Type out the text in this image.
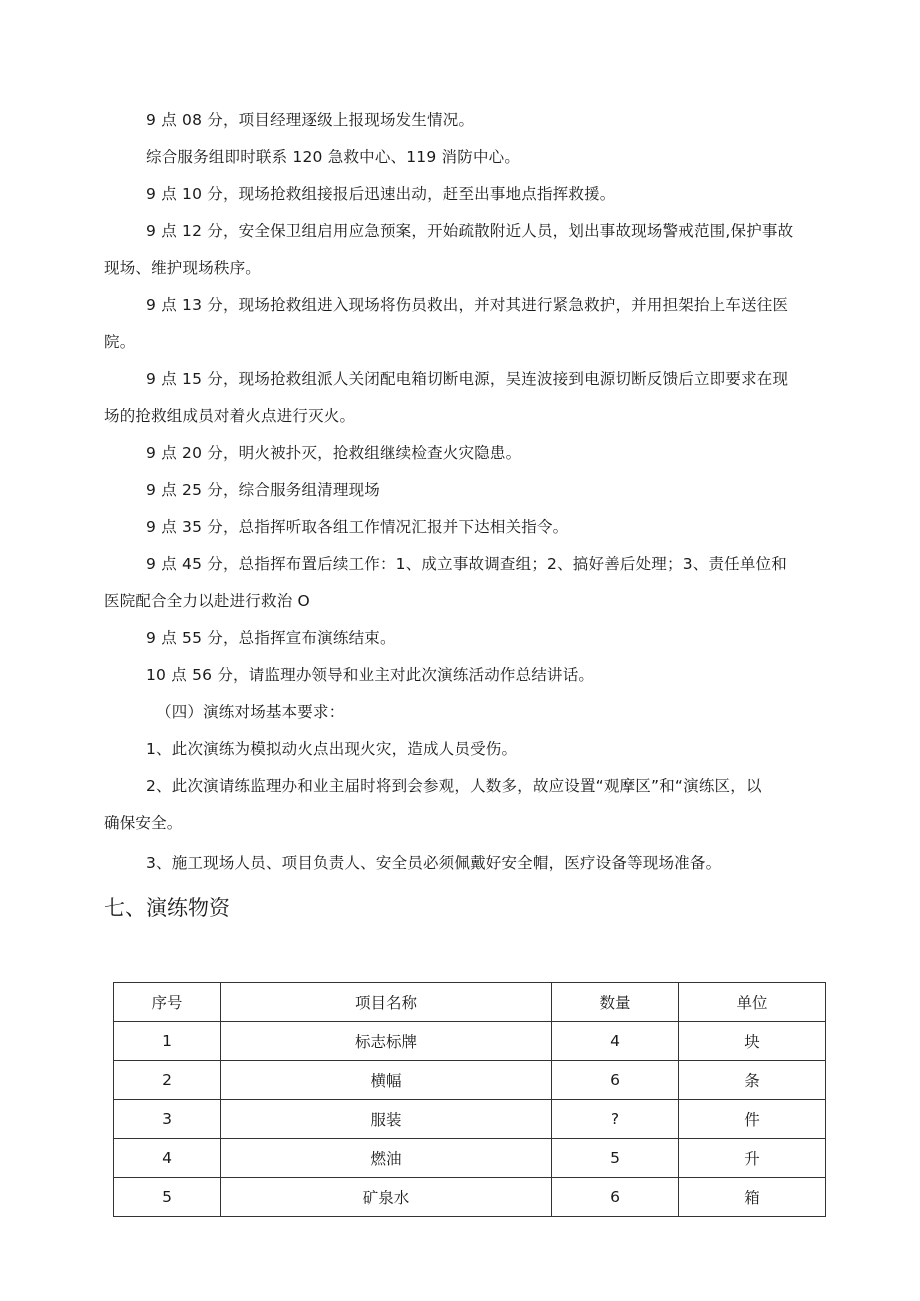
9 点 08 分，项目经理逐级上报现场发生情况。
综合服务组即时联系 120 急救中心、119 消防中心。
9 点 10 分，现场抢救组接报后迅速出动，赶至出事地点指挥救援。
9 点 12 分，安全保卫组启用应急预案，开始疏散附近人员，划出事故现场警戒范围,保护事故
现场、维护现场秩序。
9 点 13 分，现场抢救组进入现场将伤员救出，并对其进行紧急救护，并用担架抬上车送往医
院。
9 点 15 分，现场抢救组派人关闭配电箱切断电源，吴连波接到电源切断反馈后立即要求在现
场的抢救组成员对着火点进行灭火。
9 点 20 分，明火被扑灭，抢救组继续检查火灾隐患。
9 点 25 分，综合服务组清理现场
9 点 35 分，总指挥听取各组工作情况汇报并下达相关指令。
9 点 45 分，总指挥布置后续工作：1、成立事故调查组；2、搞好善后处理；3、责任单位和
医院配合全力以赴进行救治 O
9 点 55 分，总指挥宣布演练结束。
10 点 56 分，请监理办领导和业主对此次演练活动作总结讲话。
（四）演练对场基本要求：
1、此次演练为模拟动火点出现火灾，造成人员受伤。
2、此次演请练监理办和业主届时将到会参观，人数多，故应设置“观摩区”和“演练区，以
确保安全。
3、施工现场人员、项目负责人、安全员必须佩戴好安全帽，医疗设备等现场准备。
七、演练物资
序号	项目名称	数量	单位
1	标志标牌	4	块
2	横幅	6	条
3	服装	?	件
4	燃油	5	升
5	矿泉水	6	箱
